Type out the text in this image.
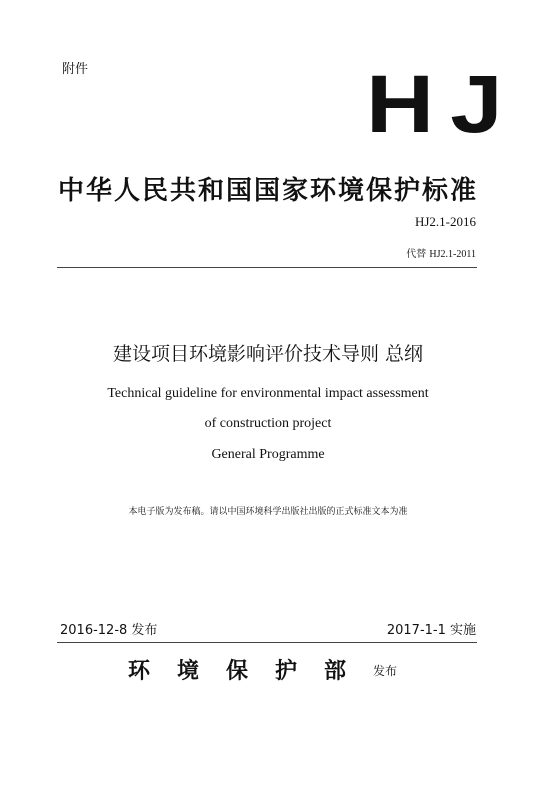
附件	HJ
中华人民共和国国家环境保护标准
HJ2.1-2016
代替 HJ2.1-2011
建设项目环境影响评价技术导则 总纲
Technical guideline for environmental impact assessment
of construction project
General Programme
本电子版为发布稿。请以中国环境科学出版社出版的正式标准文本为准
2016-12-8 发布	2017-1-1 实施
环境保护部 发布
